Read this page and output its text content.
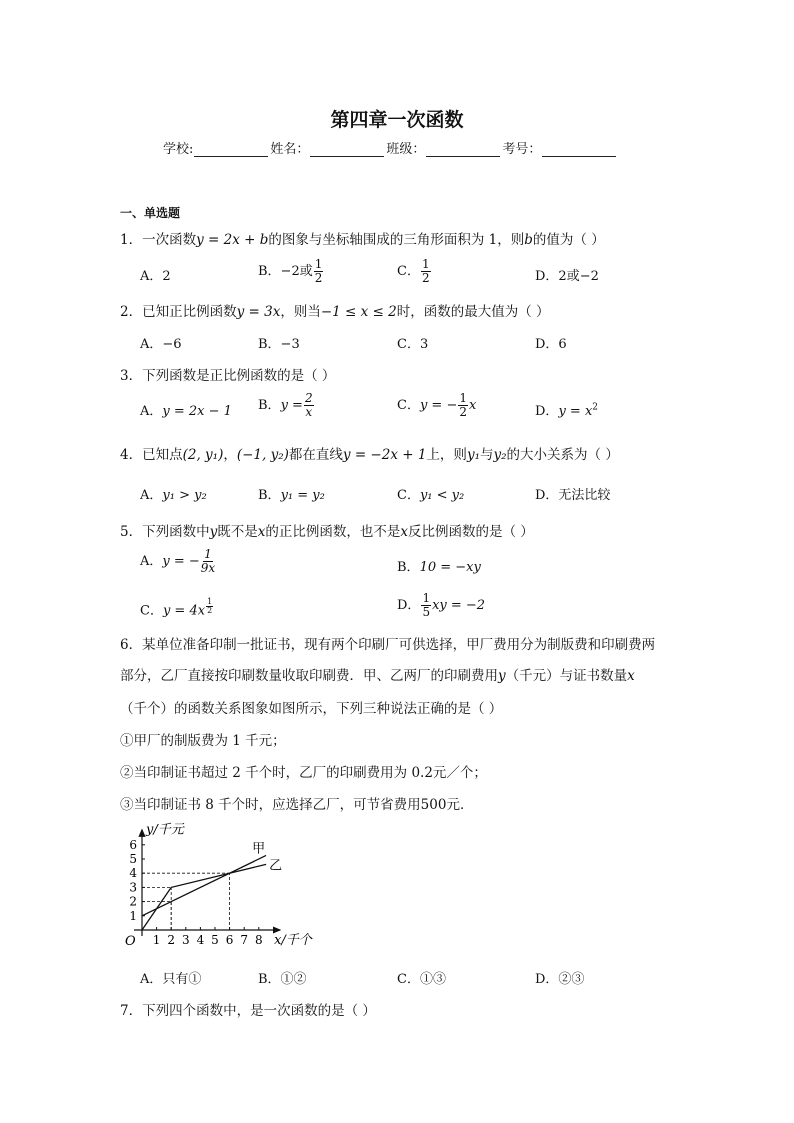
第四章一次函数
学校:	姓名：	班级：	考号：
一、单选题
1．一次函数y = 2x + b的图象与坐标轴围成的三角形面积为 1，则b的值为（ ）
A．2	B．−2或 $\frac{1}{2}$	C． $\frac{1}{2}$	D．2或−2
2．已知正比例函数y = 3x，则当−1 ≤ x ≤ 2时，函数的最大值为（ ）
A．−6	B．−3	C．3	D．6
3．下列函数是正比例函数的是（ ）
A．y = 2x − 1 B．$y = \frac{2}{x}$	C．y = − $\frac{1}{2}$ x	D．$y = x^2$
4．已知点(2, y₁)，(−1, y₂)都在直线y = −2x + 1上，则y₁与y₂的大小关系为（ ）
A．y₁ > y₂	B．y₁ = y₂	C．y₁ < y₂	D．无法比较
5．下列函数中y既不是x的正比例函数，也不是x反比例函数的是（ ）
A．y = − $\frac{1}{9x}$	B．10 = −xy
C．y = 4x $^{\frac{1}{2}}$	D． $\frac{1}{5}$ xy = −2
6．某单位准备印制一批证书，现有两个印刷厂可供选择，甲厂费用分为制版费和印刷费两
部分，乙厂直接按印刷数量收取印刷费．甲、乙两厂的印刷费用y（千元）与证书数量x
（千个）的函数关系图象如图所示，下列三种说法正确的是（ ）
①甲厂的制版费为 1 千元；
②当印制证书超过 2 千个时，乙厂的印刷费用为 0.2元／个；
③当印制证书 8 千个时，应选择乙厂，可节省费用500元．
1 2 3 4 5 6 7 8
1
2
3
4
5
6
O	x/千个
y/千元
甲
乙
A．只有①	B．①②	C．①③	D．②③
7．下列四个函数中，是一次函数的是（ ）
